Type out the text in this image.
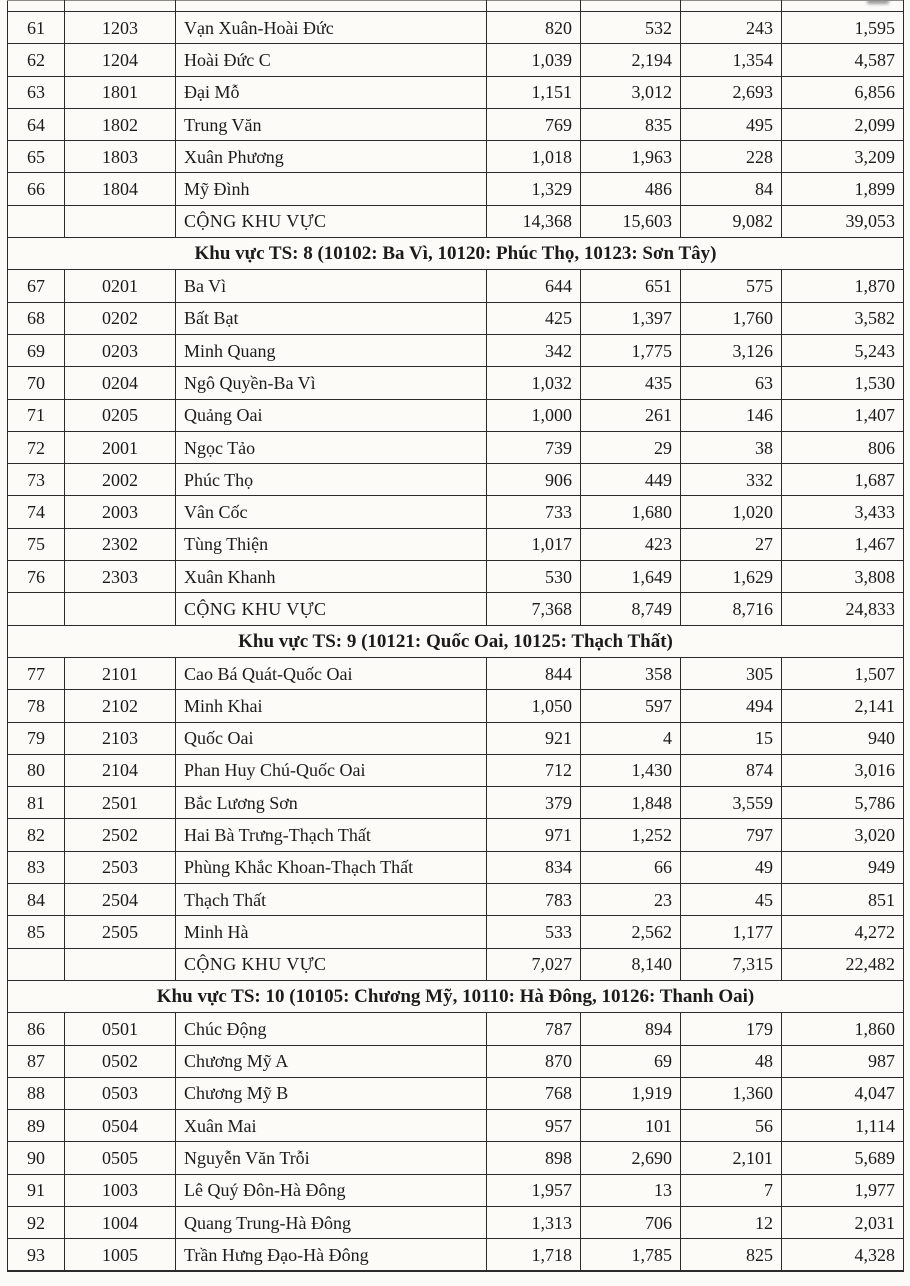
61	1203	Vạn Xuân-Hoài Đức	820	532	243	1,595
62	1204	Hoài Đức C	1,039	2,194	1,354	4,587
63	1801	Đại Mỗ	1,151	3,012	2,693	6,856
64	1802	Trung Văn	769	835	495	2,099
65	1803	Xuân Phương	1,018	1,963	228	3,209
66	1804	Mỹ Đình	1,329	486	84	1,899
		CỘNG KHU VỰC	14,368	15,603	9,082	39,053
Khu vực TS: 8 (10102: Ba Vì, 10120: Phúc Thọ, 10123: Sơn Tây)						
67	0201	Ba Vì	644	651	575	1,870
68	0202	Bất Bạt	425	1,397	1,760	3,582
69	0203	Minh Quang	342	1,775	3,126	5,243
70	0204	Ngô Quyền-Ba Vì	1,032	435	63	1,530
71	0205	Quảng Oai	1,000	261	146	1,407
72	2001	Ngọc Tảo	739	29	38	806
73	2002	Phúc Thọ	906	449	332	1,687
74	2003	Vân Cốc	733	1,680	1,020	3,433
75	2302	Tùng Thiện	1,017	423	27	1,467
76	2303	Xuân Khanh	530	1,649	1,629	3,808
		CỘNG KHU VỰC	7,368	8,749	8,716	24,833
Khu vực TS: 9 (10121: Quốc Oai, 10125: Thạch Thất)						
77	2101	Cao Bá Quát-Quốc Oai	844	358	305	1,507
78	2102	Minh Khai	1,050	597	494	2,141
79	2103	Quốc Oai	921	4	15	940
80	2104	Phan Huy Chú-Quốc Oai	712	1,430	874	3,016
81	2501	Bắc Lương Sơn	379	1,848	3,559	5,786
82	2502	Hai Bà Trưng-Thạch Thất	971	1,252	797	3,020
83	2503	Phùng Khắc Khoan-Thạch Thất	834	66	49	949
84	2504	Thạch Thất	783	23	45	851
85	2505	Minh Hà	533	2,562	1,177	4,272
		CỘNG KHU VỰC	7,027	8,140	7,315	22,482
Khu vực TS: 10 (10105: Chương Mỹ, 10110: Hà Đông, 10126: Thanh Oai)						
86	0501	Chúc Động	787	894	179	1,860
87	0502	Chương Mỹ A	870	69	48	987
88	0503	Chương Mỹ B	768	1,919	1,360	4,047
89	0504	Xuân Mai	957	101	56	1,114
90	0505	Nguyễn Văn Trỗi	898	2,690	2,101	5,689
91	1003	Lê Quý Đôn-Hà Đông	1,957	13	7	1,977
92	1004	Quang Trung-Hà Đông	1,313	706	12	2,031
93	1005	Trần Hưng Đạo-Hà Đông	1,718	1,785	825	4,328
